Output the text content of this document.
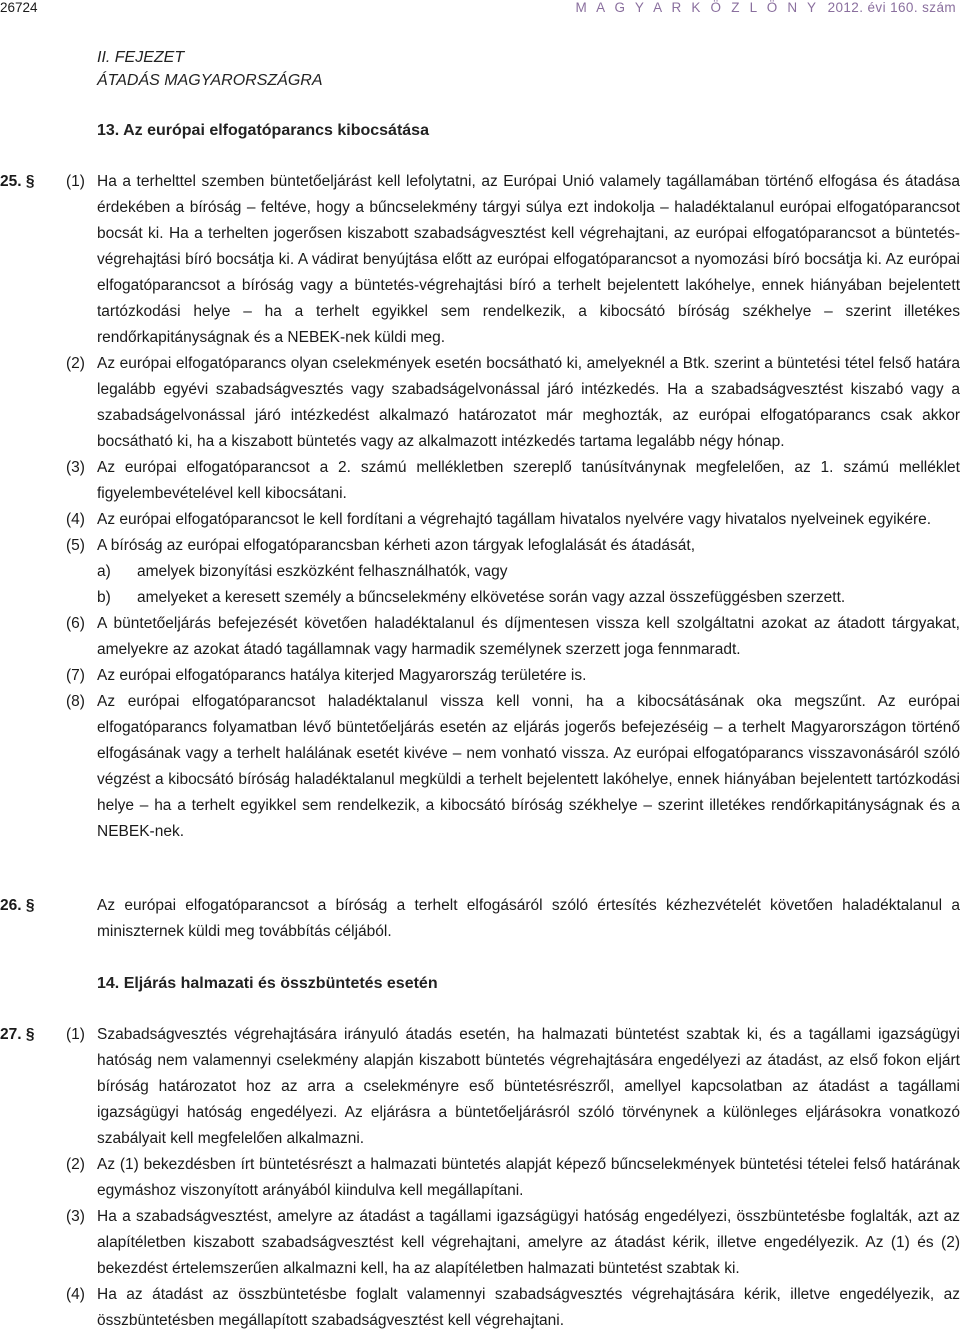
26724	M A G Y A R K Ö Z L Ö N Y 2012. évi 160. szám
II. FEJEZET
ÁTADÁS MAGYARORSZÁGRA
13. Az európai elfogatóparancs kibocsátása
25. § (1) Ha a terhelttel szemben büntetőeljárást kell lefolytatni, az Európai Unió valamely tagállamában történő elfogása és átadása érdekében a bíróság – feltéve, hogy a bűncselekmény tárgyi súlya ezt indokolja – haladéktalanul európai elfogatóparancsot bocsát ki. Ha a terhelten jogerősen kiszabott szabadságvesztést kell végrehajtani, az európai elfogatóparancsot a büntetés-végrehajtási bíró bocsátja ki. A vádirat benyújtása előtt az európai elfogatóparancsot a nyomozási bíró bocsátja ki. Az európai elfogatóparancsot a bíróság vagy a büntetés-végrehajtási bíró a terhelt bejelentett lakóhelye, ennek hiányában bejelentett tartózkodási helye – ha a terhelt egyikkel sem rendelkezik, a kibocsátó bíróság székhelye – szerint illetékes rendőrkapitányságnak és a NEBEK-nek küldi meg.
(2) Az európai elfogatóparancs olyan cselekmények esetén bocsátható ki, amelyeknél a Btk. szerint a büntetési tétel felső határa legalább egyévi szabadságvesztés vagy szabadságelvonással járó intézkedés. Ha a szabadságvesztést kiszabó vagy a szabadságelvonással járó intézkedést alkalmazó határozatot már meghozták, az európai elfogatóparancs csak akkor bocsátható ki, ha a kiszabott büntetés vagy az alkalmazott intézkedés tartama legalább négy hónap.
(3) Az európai elfogatóparancsot a 2. számú mellékletben szereplő tanúsítványnak megfelelően, az 1. számú melléklet figyelembevételével kell kibocsátani.
(4) Az európai elfogatóparancsot le kell fordítani a végrehajtó tagállam hivatalos nyelvére vagy hivatalos nyelveinek egyikére.
(5) A bíróság az európai elfogatóparancsban kérheti azon tárgyak lefoglalását és átadását,
a) amelyek bizonyítási eszközként felhasználhatók, vagy
b) amelyeket a keresett személy a bűncselekmény elkövetése során vagy azzal összefüggésben szerzett.
(6) A büntetőeljárás befejezését követően haladéktalanul és díjmentesen vissza kell szolgáltatni azokat az átadott tárgyakat, amelyekre az azokat átadó tagállamnak vagy harmadik személynek szerzett joga fennmaradt.
(7) Az európai elfogatóparancs hatálya kiterjed Magyarország területére is.
(8) Az európai elfogatóparancsot haladéktalanul vissza kell vonni, ha a kibocsátásának oka megszűnt. Az európai elfogatóparancs folyamatban lévő büntetőeljárás esetén az eljárás jogerős befejezéséig – a terhelt Magyarországon történő elfogásának vagy a terhelt halálának esetét kivéve – nem vonható vissza. Az európai elfogatóparancs visszavonásáról szóló végzést a kibocsátó bíróság haladéktalanul megküldi a terhelt bejelentett lakóhelye, ennek hiányában bejelentett tartózkodási helye – ha a terhelt egyikkel sem rendelkezik, a kibocsátó bíróság székhelye – szerint illetékes rendőrkapitányságnak és a NEBEK-nek.
26. §	Az európai elfogatóparancsot a bíróság a terhelt elfogásáról szóló értesítés kézhezvételét követően haladéktalanul a miniszternek küldi meg továbbítás céljából.
14. Eljárás halmazati és összbüntetés esetén
27. § (1) Szabadságvesztés végrehajtására irányuló átadás esetén, ha halmazati büntetést szabtak ki, és a tagállami igazságügyi hatóság nem valamennyi cselekmény alapján kiszabott büntetés végrehajtására engedélyezi az átadást, az első fokon eljárt bíróság határozatot hoz az arra a cselekményre eső büntetésrészről, amellyel kapcsolatban az átadást a tagállami igazságügyi hatóság engedélyezi. Az eljárásra a büntetőeljárásról szóló törvénynek a különleges eljárásokra vonatkozó szabályait kell megfelelően alkalmazni.
(2) Az (1) bekezdésben írt büntetésrészt a halmazati büntetés alapját képező bűncselekmények büntetési tételei felső határának egymáshoz viszonyított arányából kiindulva kell megállapítani.
(3) Ha a szabadságvesztést, amelyre az átadást a tagállami igazságügyi hatóság engedélyezi, összbüntetésbe foglalták, azt az alapítéletben kiszabott szabadságvesztést kell végrehajtani, amelyre az átadást kérik, illetve engedélyezik. Az (1) és (2) bekezdést értelemszerűen alkalmazni kell, ha az alapítéletben halmazati büntetést szabtak ki.
(4) Ha az átadást az összbüntetésbe foglalt valamennyi szabadságvesztés végrehajtására kérik, illetve engedélyezik, az összbüntetésben megállapított szabadságvesztést kell végrehajtani.
